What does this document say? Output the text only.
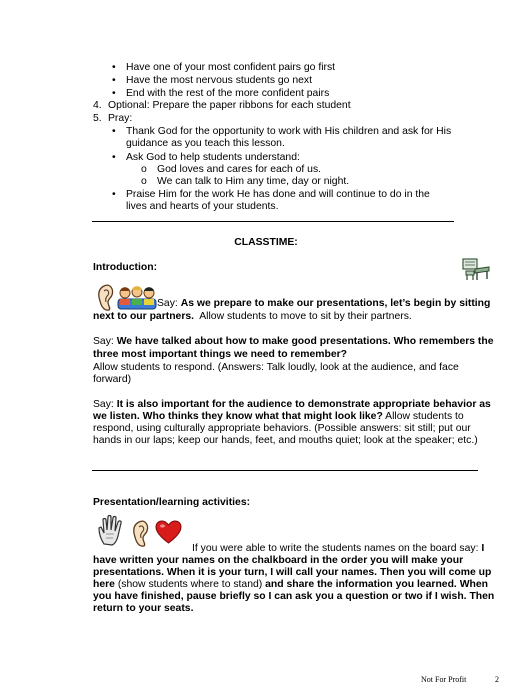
• Have one of your most confident pairs go first
• Have the most nervous students go next
• End with the rest of the more confident pairs
4. Optional: Prepare the paper ribbons for each student
5. Pray:
• Thank God for the opportunity to work with His children and ask for His
guidance as you teach this lesson.
• Ask God to help students understand:
o God loves and cares for each of us.
o We can talk to Him any time, day or night.
• Praise Him for the work He has done and will continue to do in the
lives and hearts of your students.
CLASSTIME:
Introduction:
Say: As we prepare to make our presentations, let’s begin by sitting
next to our partners. Allow students to move to sit by their partners.
Say: We have talked about how to make good presentations. Who remembers the
three most important things we need to remember?
Allow students to respond. (Answers: Talk loudly, look at the audience, and face
forward)
Say: It is also important for the audience to demonstrate appropriate behavior as
we listen. Who thinks they know what that might look like? Allow students to
respond, using culturally appropriate behaviors. (Possible answers: sit still; put our
hands in our laps; keep our hands, feet, and mouths quiet; look at the speaker; etc.)
Presentation/learning activities:
If you were able to write the students names on the board say: I
have written your names on the chalkboard in the order you will make your
presentations. When it is your turn, I will call your names. Then you will come up
here (show students where to stand) and share the information you learned. When
you have finished, pause briefly so I can ask you a question or two if I wish. Then
return to your seats.
Not For Profit	2
